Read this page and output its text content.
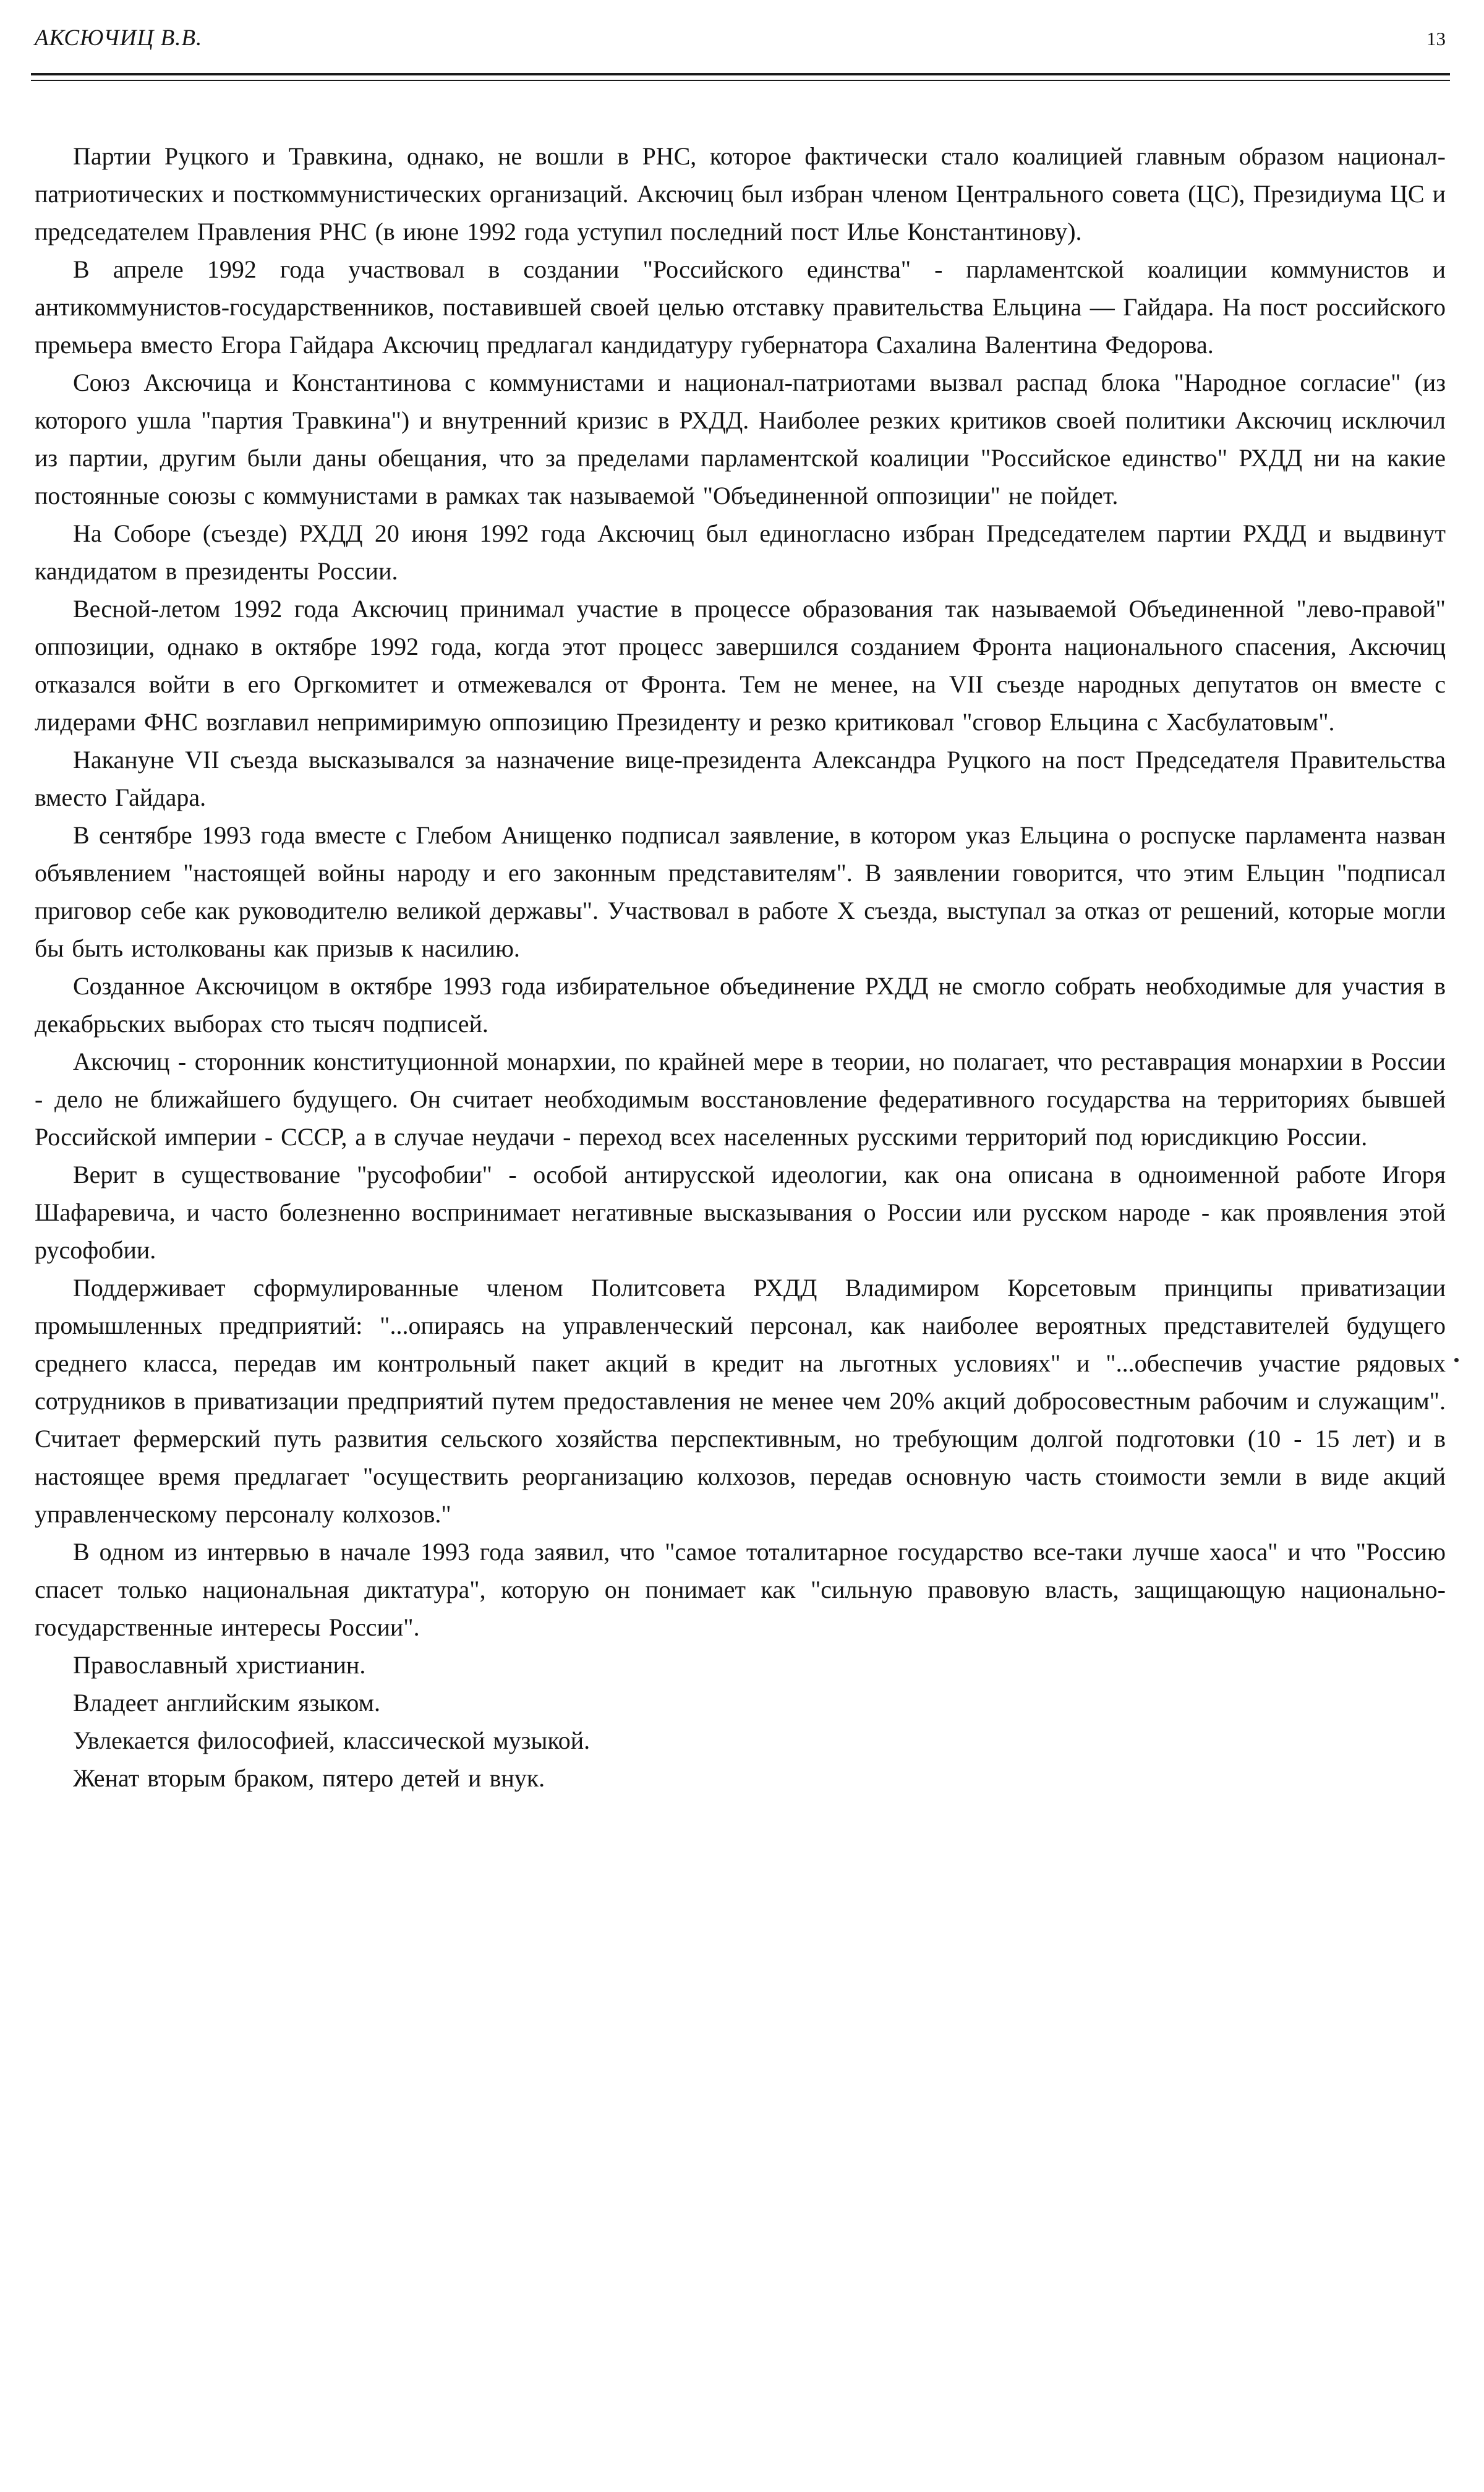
АКСЮЧИЦ В.В.	13

Партии Руцкого и Травкина, однако, не вошли в РНС, которое фактически стало коалицией главным образом национал-патриотических и посткоммунистических организаций. Аксючиц был избран членом Центрального совета (ЦС), Президиума ЦС и председателем Правления РНС (в июне 1992 года уступил последний пост Илье Константинову).

В апреле 1992 года участвовал в создании "Российского единства" - парламентской коалиции коммунистов и антикоммунистов-государственников, поставившей своей целью отставку правительства Ельцина — Гайдара. На пост российского премьера вместо Егора Гайдара Аксючиц предлагал кандидатуру губернатора Сахалина Валентина Федорова.

Союз Аксючица и Константинова с коммунистами и национал-патриотами вызвал распад блока "Народное согласие" (из которого ушла "партия Травкина") и внутренний кризис в РХДД. Наиболее резких критиков своей политики Аксючиц исключил из партии, другим были даны обещания, что за пределами парламентской коалиции "Российское единство" РХДД ни на какие постоянные союзы с коммунистами в рамках так называемой "Объединенной оппозиции" не пойдет.

На Соборе (съезде) РХДД 20 июня 1992 года Аксючиц был единогласно избран Председателем партии РХДД и выдвинут кандидатом в президенты России.

Весной-летом 1992 года Аксючиц принимал участие в процессе образования так называемой Объединенной "лево-правой" оппозиции, однако в октябре 1992 года, когда этот процесс завершился созданием Фронта национального спасения, Аксючиц отказался войти в его Оргкомитет и отмежевался от Фронта. Тем не менее, на VII съезде народных депутатов он вместе с лидерами ФНС возглавил непримиримую оппозицию Президенту и резко критиковал "сговор Ельцина с Хасбулатовым".

Накануне VII съезда высказывался за назначение вице-президента Александра Руцкого на пост Председателя Правительства вместо Гайдара.

В сентябре 1993 года вместе с Глебом Анищенко подписал заявление, в котором указ Ельцина о роспуске парламента назван объявлением "настоящей войны народу и его законным представителям". В заявлении говорится, что этим Ельцин "подписал приговор себе как руководителю великой державы". Участвовал в работе X съезда, выступал за отказ от решений, которые могли бы быть истолкованы как призыв к насилию.

Созданное Аксючицом в октябре 1993 года избирательное объединение РХДД не смогло собрать необходимые для участия в декабрьских выборах сто тысяч подписей.

Аксючиц - сторонник конституционной монархии, по крайней мере в теории, но полагает, что реставрация монархии в России - дело не ближайшего будущего. Он считает необходимым восстановление федеративного государства на территориях бывшей Российской империи - СССР, а в случае неудачи - переход всех населенных русскими территорий под юрисдикцию России.

Верит в существование "русофобии" - особой антирусской идеологии, как она описана в одноименной работе Игоря Шафаревича, и часто болезненно воспринимает негативные высказывания о России или русском народе - как проявления этой русофобии.

Поддерживает сформулированные членом Политсовета РХДД Владимиром Корсетовым принципы приватизации промышленных предприятий: "...опираясь на управленческий персонал, как наиболее вероятных представителей будущего среднего класса, передав им контрольный пакет акций в кредит на льготных условиях" и "...обеспечив участие рядовых сотрудников в приватизации предприятий путем предоставления не менее чем 20% акций добросовестным рабочим и служащим". Считает фермерский путь развития сельского хозяйства перспективным, но требующим долгой подготовки (10 - 15 лет) и в настоящее время предлагает "осуществить реорганизацию колхозов, передав основную часть стоимости земли в виде акций управленческому персоналу колхозов."

В одном из интервью в начале 1993 года заявил, что "самое тоталитарное государство все-таки лучше хаоса" и что "Россию спасет только национальная диктатура", которую он понимает как "сильную правовую власть, защищающую национально-государственные интересы России".

Православный христианин.

Владеет английским языком.

Увлекается философией, классической музыкой.

Женат вторым браком, пятеро детей и внук.
